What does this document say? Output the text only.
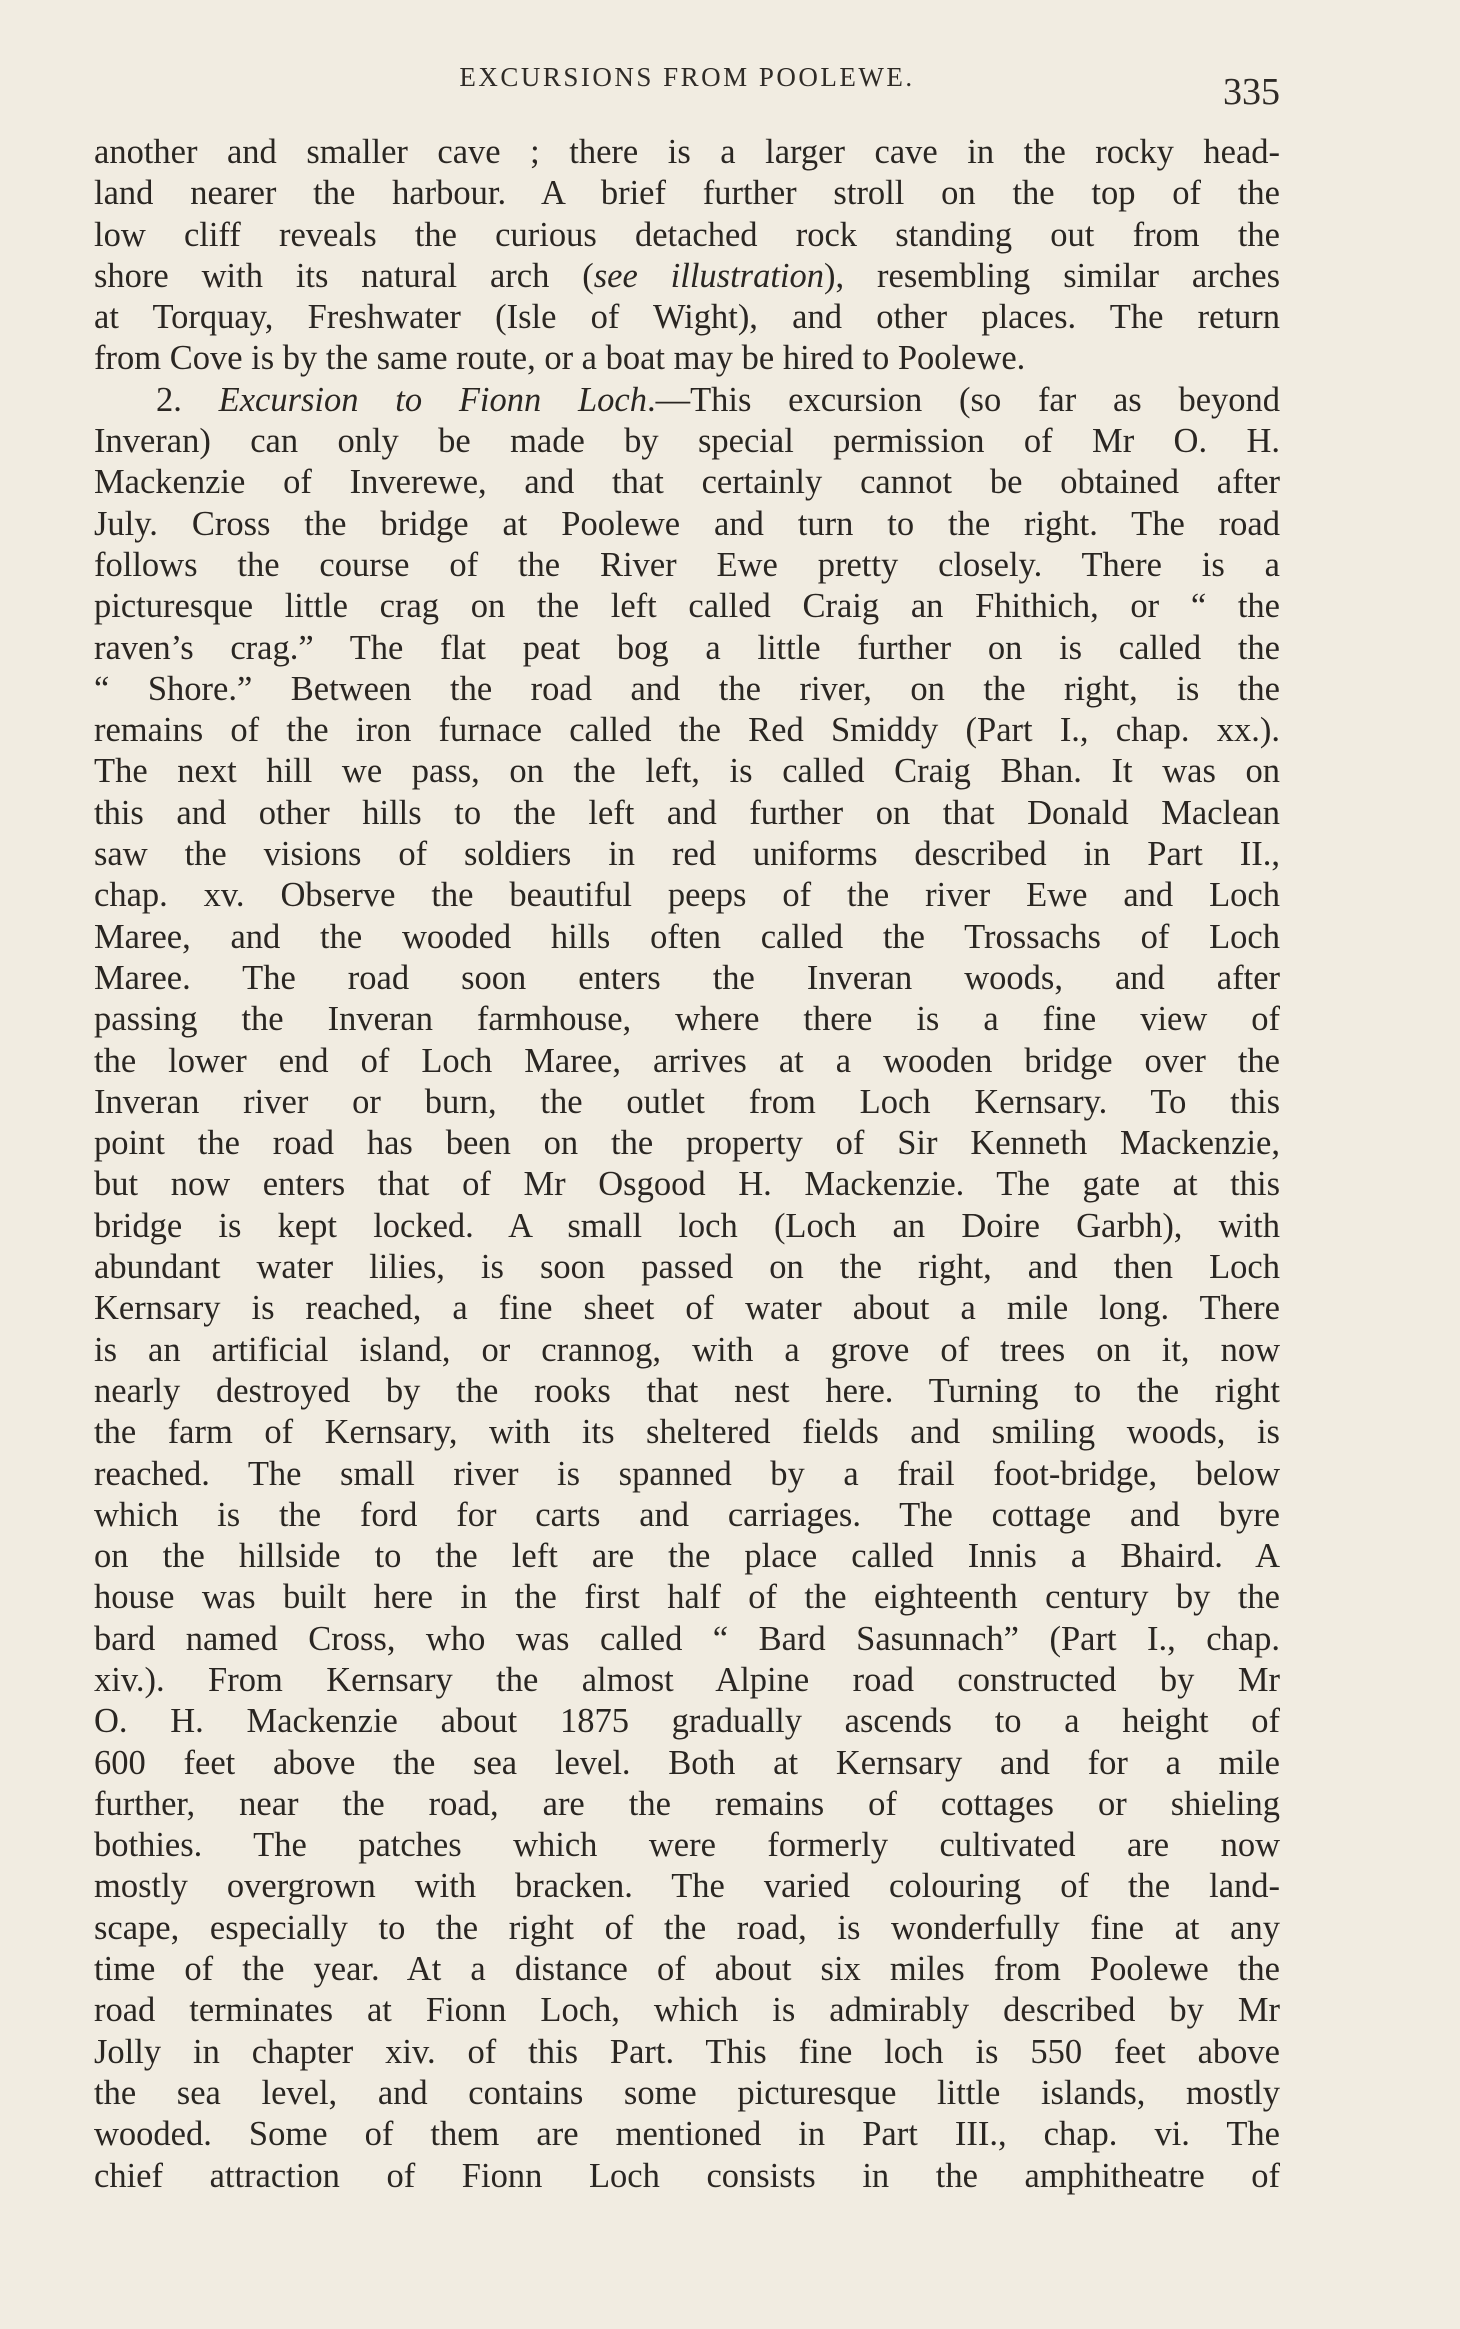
EXCURSIONS FROM POOLEWE.	335
another and smaller cave ; there is a larger cave in the rocky head-
land nearer the harbour. A brief further stroll on the top of the
low cliff reveals the curious detached rock standing out from the
shore with its natural arch (see illustration), resembling similar arches
at Torquay, Freshwater (Isle of Wight), and other places. The return
from Cove is by the same route, or a boat may be hired to Poolewe.
2. Excursion to Fionn Loch.—This excursion (so far as beyond
Inveran) can only be made by special permission of Mr O. H.
Mackenzie of Inverewe, and that certainly cannot be obtained after
July. Cross the bridge at Poolewe and turn to the right. The road
follows the course of the River Ewe pretty closely. There is a
picturesque little crag on the left called Craig an Fhithich, or “ the
raven’s crag.” The flat peat bog a little further on is called the
“ Shore.” Between the road and the river, on the right, is the
remains of the iron furnace called the Red Smiddy (Part I., chap. xx.).
The next hill we pass, on the left, is called Craig Bhan. It was on
this and other hills to the left and further on that Donald Maclean
saw the visions of soldiers in red uniforms described in Part II.,
chap. xv. Observe the beautiful peeps of the river Ewe and Loch
Maree, and the wooded hills often called the Trossachs of Loch
Maree. The road soon enters the Inveran woods, and after
passing the Inveran farmhouse, where there is a fine view of
the lower end of Loch Maree, arrives at a wooden bridge over the
Inveran river or burn, the outlet from Loch Kernsary. To this
point the road has been on the property of Sir Kenneth Mackenzie,
but now enters that of Mr Osgood H. Mackenzie. The gate at this
bridge is kept locked. A small loch (Loch an Doire Garbh), with
abundant water lilies, is soon passed on the right, and then Loch
Kernsary is reached, a fine sheet of water about a mile long. There
is an artificial island, or crannog, with a grove of trees on it, now
nearly destroyed by the rooks that nest here. Turning to the right
the farm of Kernsary, with its sheltered fields and smiling woods, is
reached. The small river is spanned by a frail foot-bridge, below
which is the ford for carts and carriages. The cottage and byre
on the hillside to the left are the place called Innis a Bhaird. A
house was built here in the first half of the eighteenth century by the
bard named Cross, who was called “ Bard Sasunnach” (Part I., chap.
xiv.). From Kernsary the almost Alpine road constructed by Mr
O. H. Mackenzie about 1875 gradually ascends to a height of
600 feet above the sea level. Both at Kernsary and for a mile
further, near the road, are the remains of cottages or shieling
bothies. The patches which were formerly cultivated are now
mostly overgrown with bracken. The varied colouring of the land-
scape, especially to the right of the road, is wonderfully fine at any
time of the year. At a distance of about six miles from Poolewe the
road terminates at Fionn Loch, which is admirably described by Mr
Jolly in chapter xiv. of this Part. This fine loch is 550 feet above
the sea level, and contains some picturesque little islands, mostly
wooded. Some of them are mentioned in Part III., chap. vi. The
chief attraction of Fionn Loch consists in the amphitheatre of
